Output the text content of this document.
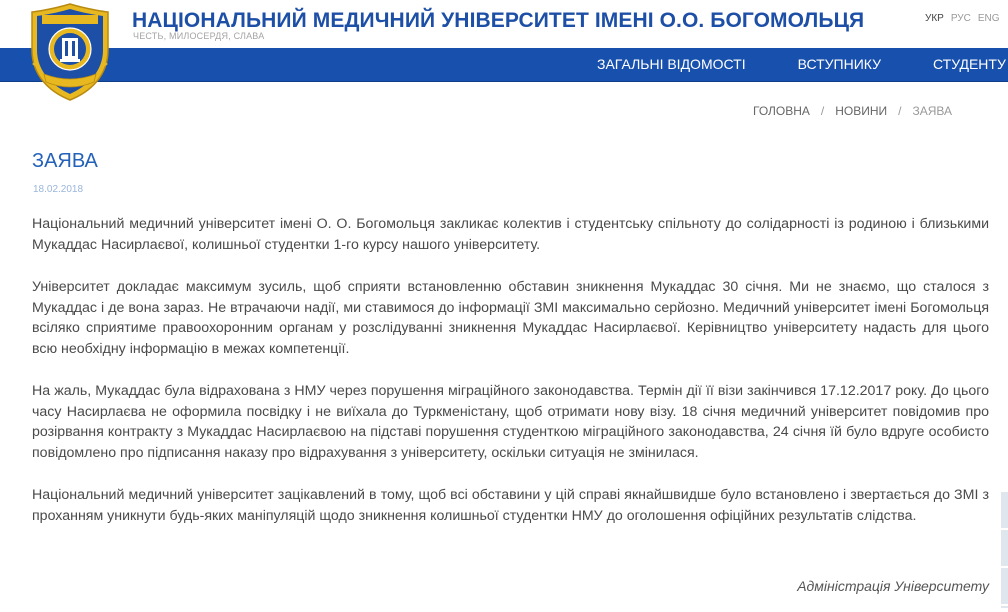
НАЦІОНАЛЬНИЙ МЕДИЧНИЙ УНІВЕРСИТЕТ ІМЕНІ О.О. БОГОМОЛЬЦЯ
ЧЕСТЬ, МИЛОСЕРДЯ, СЛАВА
УКР РУС ENG
ЗАГАЛЬНІ ВІДОМОСТІ	ВСТУПНИКУ	СТУДЕНТУ
ГОЛОВНА / НОВИНИ / ЗАЯВА
ЗАЯВА
18.02.2018

Національний медичний університет імені О. О. Богомольця закликає колектив і студентську спільноту до солідарності із родиною і близькими Мукаддас Насирлаєвої, колишньої студентки 1-го курсу нашого університету.

Університет докладає максимум зусиль, щоб сприяти встановленню обставин зникнення Мукаддас 30 січня. Ми не знаємо, що сталося з Мукаддас і де вона зараз. Не втрачаючи надії, ми ставимося до інформації ЗМІ максимально серйозно. Медичний університет імені Богомольця всіляко сприятиме правоохоронним органам у розслідуванні зникнення Мукаддас Насирлаєвої. Керівництво університету надасть для цього всю необхідну інформацію в межах компетенції.

На жаль, Мукаддас була відрахована з НМУ через порушення міграційного законодавства. Термін дії її візи закінчився 17.12.2017 року. До цього часу Насирлаєва не оформила посвідку і не виїхала до Туркменістану, щоб отримати нову візу. 18 січня медичний університет повідомив про розірвання контракту з Мукаддас Насирлаєвою на підставі порушення студенткою міграційного законодавства, 24 січня їй було вдруге особисто повідомлено про підписання наказу про відрахування з університету, оскільки ситуація не змінилася.

Національний медичний університет зацікавлений в тому, щоб всі обставини у цій справі якнайшвидше було встановлено і звертається до ЗМІ з проханням уникнути будь-яких маніпуляцій щодо зникнення колишньої студентки НМУ до оголошення офіційних результатів слідства.

Адміністрація Університету
